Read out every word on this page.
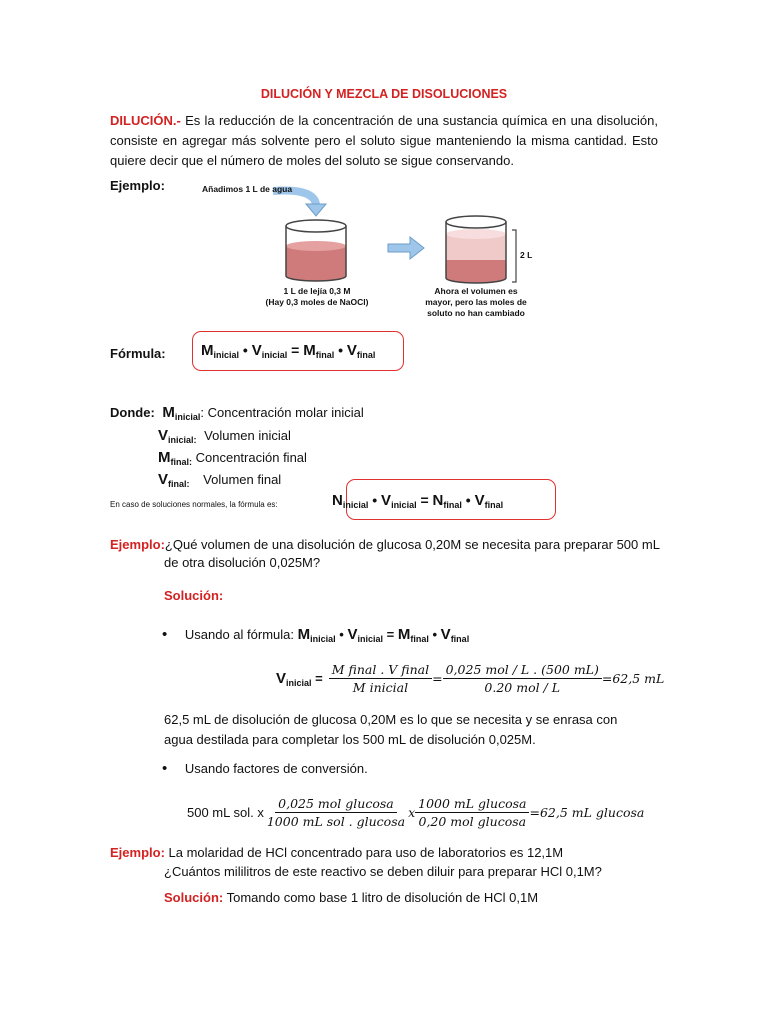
DILUCIÓN Y MEZCLA DE DISOLUCIONES
DILUCIÓN.- Es la reducción de la concentración de una sustancia química en una disolución,
consiste en agregar más solvente pero el soluto sigue manteniendo la misma cantidad. Esto
quiere decir que el número de moles del soluto se sigue conservando.
Ejemplo:	Añadimos 1 L de agua
1 L de lejía 0,3 M
(Hay 0,3 moles de NaOCl)
Ahora el volumen es
mayor, pero las moles de
soluto no han cambiado
2 L
Fórmula: $M_{inicial}$ • $V_{inicial} = M_{final}$ • $V_{final}$
Donde: $M_{inicial}$: Concentración molar inicial
$V_{inicial:}$ Volumen inicial
$M_{final:}$ Concentración final
$V_{final:}$ Volumen final
En caso de soluciones normales, la fórmula es:	$N_{inicial}$ • $V_{inicial} = N_{final}$ • $V_{final}$
Ejemplo:¿Qué volumen de una disolución de glucosa 0,20M se necesita para preparar 500 mL
de otra disolución 0,025M?
Solución:
• Usando al fórmula: $M_{inicial}$ • $V_{inicial} = M_{final}$ • $V_{final}$
$V_{inicial} = \frac{\text{M final . V final}}{\text{M inicial}} = \frac{\text{0,025 mol / L . (500 mL)}}{\text{0.20 mol / L}} =62,5$ mL
62,5 mL de disolución de glucosa 0,20M es lo que se necesita y se enrasa con
agua destilada para completar los 500 mL de disolución 0,025M.
• Usando factores de conversión.
500 mL sol. x $\frac{\text{0,025 mol glucosa}}{\text{1000 mL sol . glucosa}}$ x $\frac{\text{1000 mL glucosa}}{\text{0,20 mol glucosa}} =62,5$ mL glucosa
Ejemplo: La molaridad de HCl concentrado para uso de laboratorios es 12,1M
¿Cuántos mililitros de este reactivo se deben diluir para preparar HCl 0,1M?
Solución: Tomando como base 1 litro de disolución de HCl 0,1M
